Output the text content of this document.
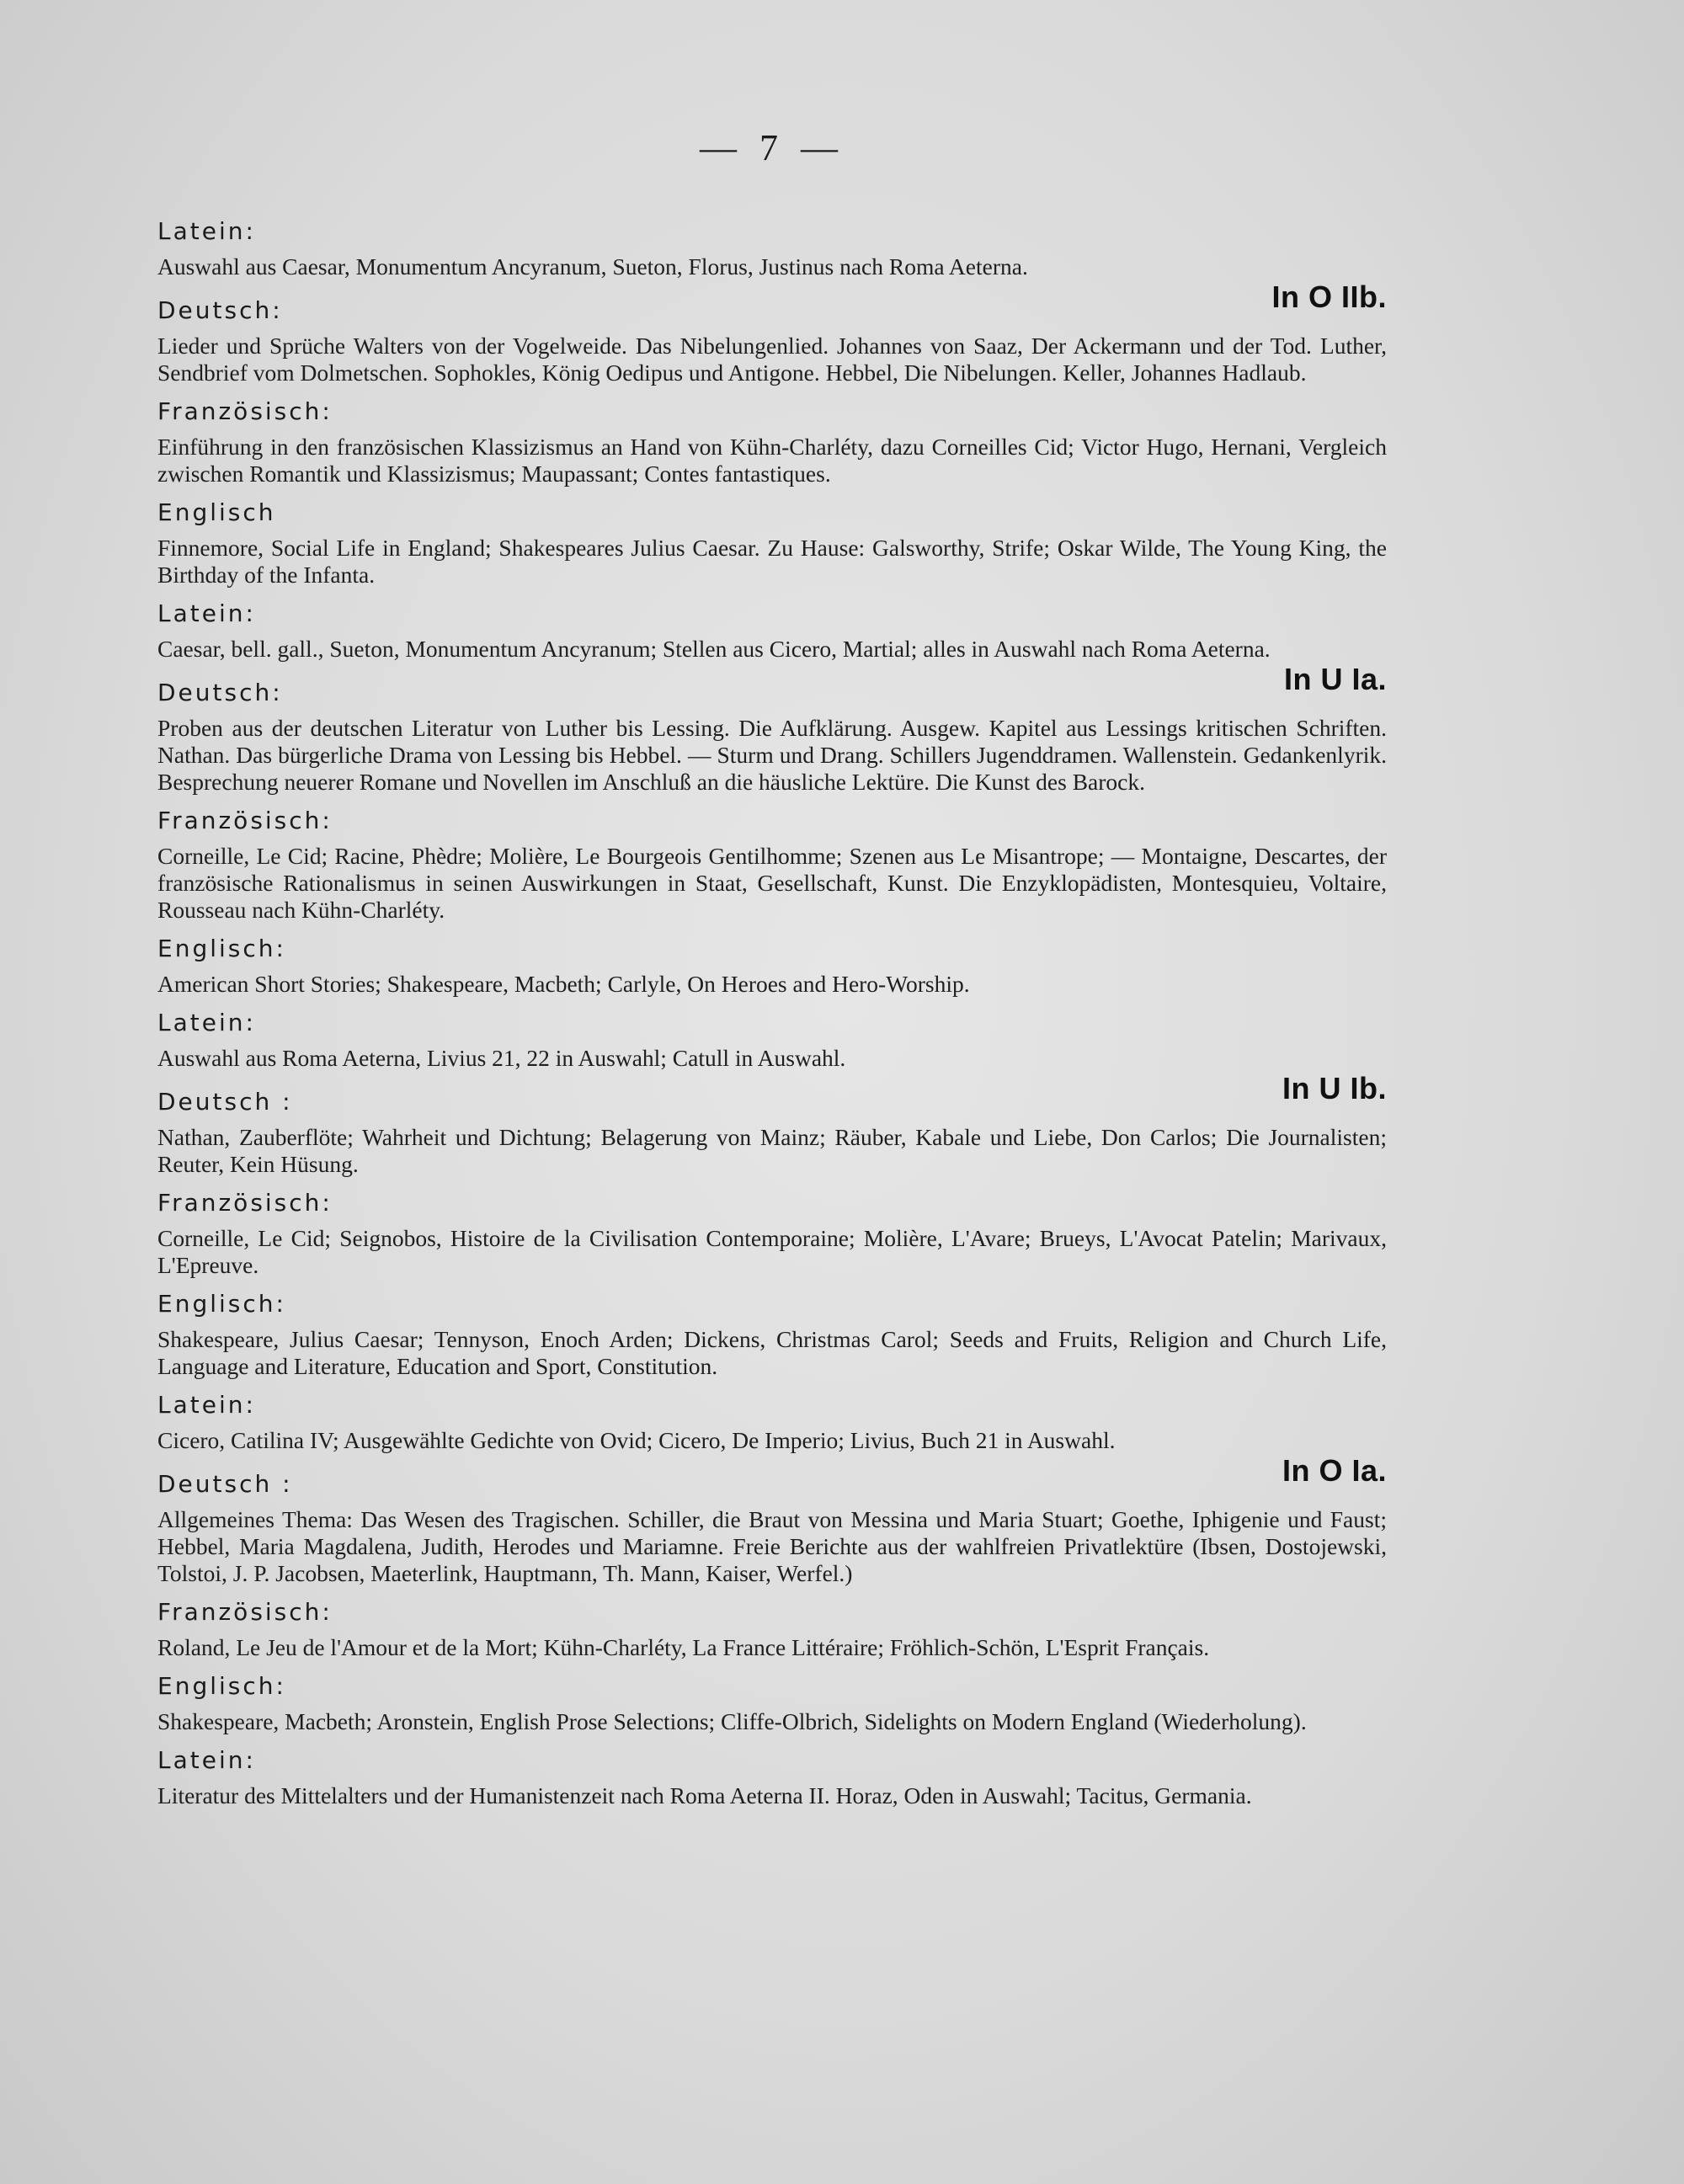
— 7 —
Latein:
Auswahl aus Caesar, Monumentum Ancyranum, Sueton, Florus, Justinus nach Roma Aeterna.
In O IIb.
Deutsch:
Lieder und Sprüche Walters von der Vogelweide. Das Nibelungenlied. Johannes von Saaz, Der Ackermann und der Tod. Luther, Sendbrief vom Dolmetschen. Sophokles, König Oedipus und Antigone. Hebbel, Die Nibelungen. Keller, Johannes Hadlaub.
Französisch:
Einführung in den französischen Klassizismus an Hand von Kühn-Charléty, dazu Corneilles Cid; Victor Hugo, Hernani, Vergleich zwischen Romantik und Klassizismus; Maupassant; Contes fantastiques.
Englisch
Finnemore, Social Life in England; Shakespeares Julius Caesar. Zu Hause: Galsworthy, Strife; Oskar Wilde, The Young King, the Birthday of the Infanta.
Latein:
Caesar, bell. gall., Sueton, Monumentum Ancyranum; Stellen aus Cicero, Martial; alles in Auswahl nach Roma Aeterna.
In U Ia.
Deutsch:
Proben aus der deutschen Literatur von Luther bis Lessing. Die Aufklärung. Ausgew. Kapitel aus Lessings kritischen Schriften. Nathan. Das bürgerliche Drama von Lessing bis Hebbel. — Sturm und Drang. Schillers Jugenddramen. Wallenstein. Gedankenlyrik. Besprechung neuerer Romane und Novellen im Anschluß an die häusliche Lektüre. Die Kunst des Barock.
Französisch:
Corneille, Le Cid; Racine, Phèdre; Molière, Le Bourgeois Gentilhomme; Szenen aus Le Misantrope; — Montaigne, Descartes, der französische Rationalismus in seinen Auswirkungen in Staat, Gesellschaft, Kunst. Die Enzyklopädisten, Montesquieu, Voltaire, Rousseau nach Kühn-Charléty.
Englisch:
American Short Stories; Shakespeare, Macbeth; Carlyle, On Heroes and Hero-Worship.
Latein:
Auswahl aus Roma Aeterna, Livius 21, 22 in Auswahl; Catull in Auswahl.
In U Ib.
Deutsch :
Nathan, Zauberflöte; Wahrheit und Dichtung; Belagerung von Mainz; Räuber, Kabale und Liebe, Don Carlos; Die Journalisten; Reuter, Kein Hüsung.
Französisch:
Corneille, Le Cid; Seignobos, Histoire de la Civilisation Contemporaine; Molière, L'Avare; Brueys, L'Avocat Patelin; Marivaux, L'Epreuve.
Englisch:
Shakespeare, Julius Caesar; Tennyson, Enoch Arden; Dickens, Christmas Carol; Seeds and Fruits, Religion and Church Life, Language and Literature, Education and Sport, Constitution.
Latein:
Cicero, Catilina IV; Ausgewählte Gedichte von Ovid; Cicero, De Imperio; Livius, Buch 21 in Auswahl.
In O Ia.
Deutsch :
Allgemeines Thema: Das Wesen des Tragischen. Schiller, die Braut von Messina und Maria Stuart; Goethe, Iphigenie und Faust; Hebbel, Maria Magdalena, Judith, Herodes und Mariamne. Freie Berichte aus der wahlfreien Privatlektüre (Ibsen, Dostojewski, Tolstoi, J. P. Jacobsen, Maeterlink, Hauptmann, Th. Mann, Kaiser, Werfel.)
Französisch:
Roland, Le Jeu de l'Amour et de la Mort; Kühn-Charléty, La France Littéraire; Fröhlich-Schön, L'Esprit Français.
Englisch:
Shakespeare, Macbeth; Aronstein, English Prose Selections; Cliffe-Olbrich, Sidelights on Modern England (Wiederholung).
Latein:
Literatur des Mittelalters und der Humanistenzeit nach Roma Aeterna II. Horaz, Oden in Auswahl; Tacitus, Germania.
